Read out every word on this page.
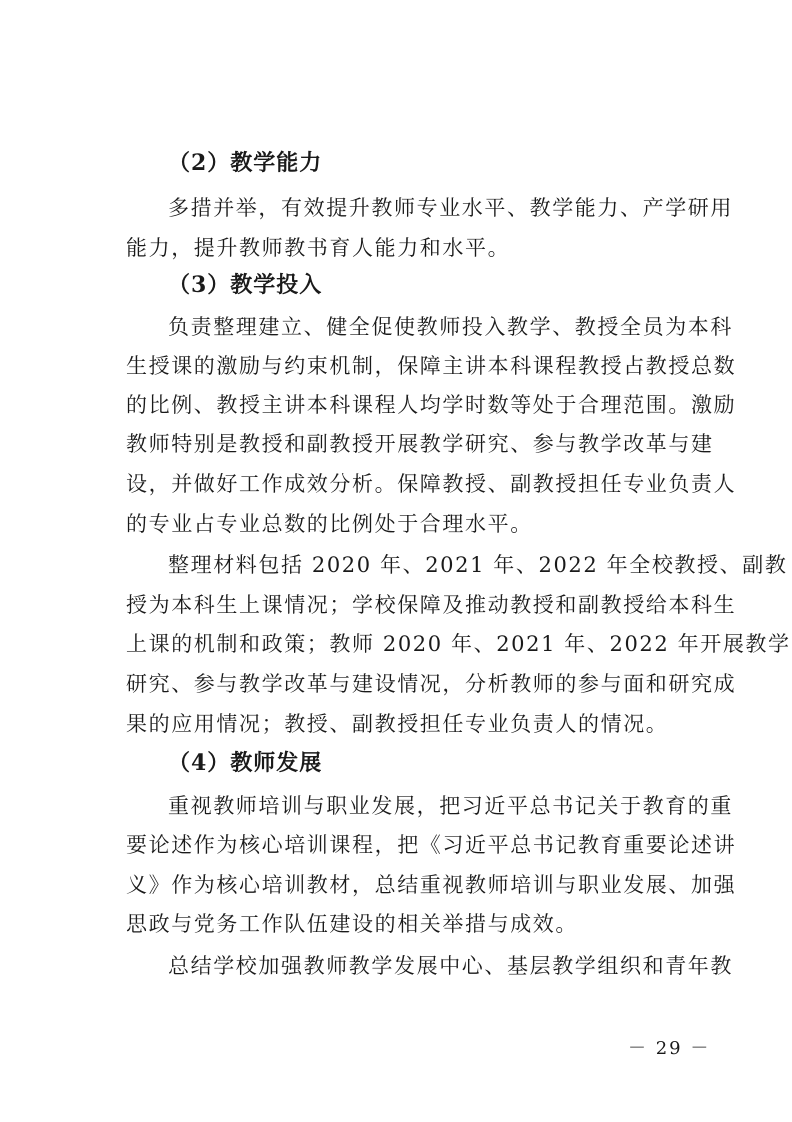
（2）教学能力
多措并举，有效提升教师专业水平、教学能力、产学研用
能力，提升教师教书育人能力和水平。
（3）教学投入
负责整理建立、健全促使教师投入教学、教授全员为本科
生授课的激励与约束机制，保障主讲本科课程教授占教授总数
的比例、教授主讲本科课程人均学时数等处于合理范围。激励
教师特别是教授和副教授开展教学研究、参与教学改革与建
设，并做好工作成效分析。保障教授、副教授担任专业负责人
的专业占专业总数的比例处于合理水平。
整理材料包括 2020 年、2021 年、2022 年全校教授、副教
授为本科生上课情况；学校保障及推动教授和副教授给本科生
上课的机制和政策；教师 2020 年、2021 年、2022 年开展教学
研究、参与教学改革与建设情况，分析教师的参与面和研究成
果的应用情况；教授、副教授担任专业负责人的情况。
（4）教师发展
重视教师培训与职业发展，把习近平总书记关于教育的重
要论述作为核心培训课程，把《习近平总书记教育重要论述讲
义》作为核心培训教材，总结重视教师培训与职业发展、加强
思政与党务工作队伍建设的相关举措与成效。
总结学校加强教师教学发展中心、基层教学组织和青年教
－ 29 －
